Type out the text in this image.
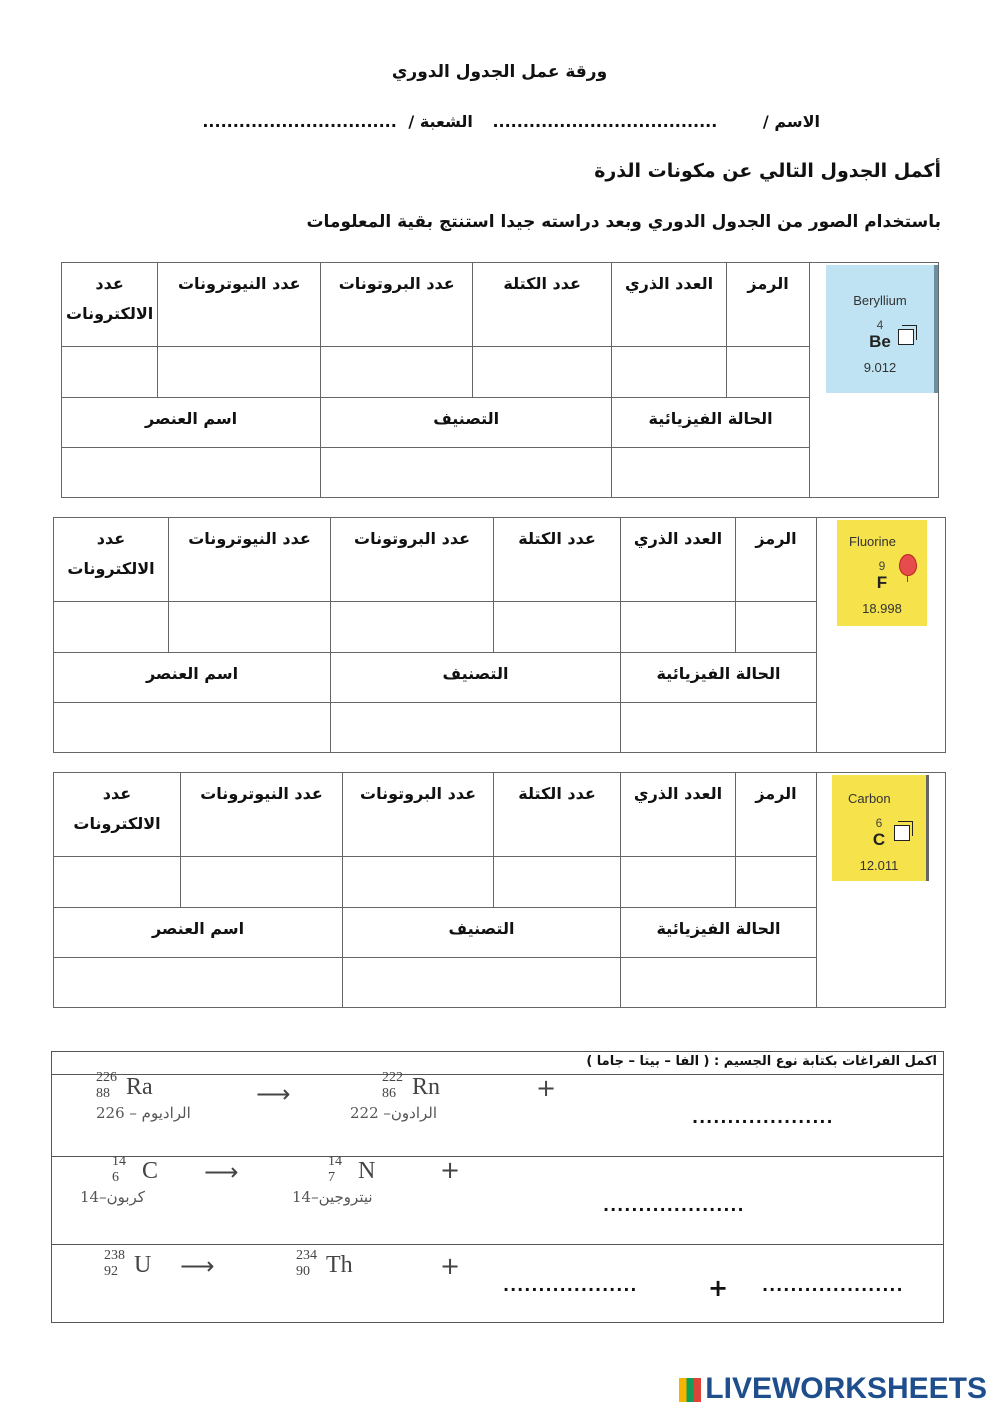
ورقة عمل الجدول الدوري
الاسم / ..................................... الشعبة / ................................
أكمل الجدول التالي عن مكونات الذرة
باستخدام الصور من الجدول الدوري وبعد دراسته جيدا استنتج بقية المعلومات
Beryllium
4
Be
9.012	الرمز	العدد الذري	عدد الكتلة	عدد البروتونات	عدد النيوترونات	عدد الالكترونات

	الحالة الفيزيائية		التصنيف		اسم العنصر	

Fluorine
9
F
18.998	الرمز	العدد الذري	عدد الكتلة	عدد البروتونات	عدد النيوترونات	عدد الالكترونات

	الحالة الفيزيائية		التصنيف		اسم العنصر	

Carbon
6
C
12.011	الرمز	العدد الذري	عدد الكتلة	عدد البروتونات	عدد النيوترونات	عدد الالكترونات

	الحالة الفيزيائية		التصنيف		اسم العنصر	

اكمل الفراغات بكتابة نوع الجسيم : ( الفا – بيتا – جاما )
226
88 Ra
الراديوم – 226
⟶
222
86 Rn
الرادون– 222
+
....................
14
6 C
كربون–14
⟶	14
7 N
نيتروجين–14
+
....................
238
92 U ⟶	234
90 Th	+
...................	+ ....................
LIVEWORKSHEETS
